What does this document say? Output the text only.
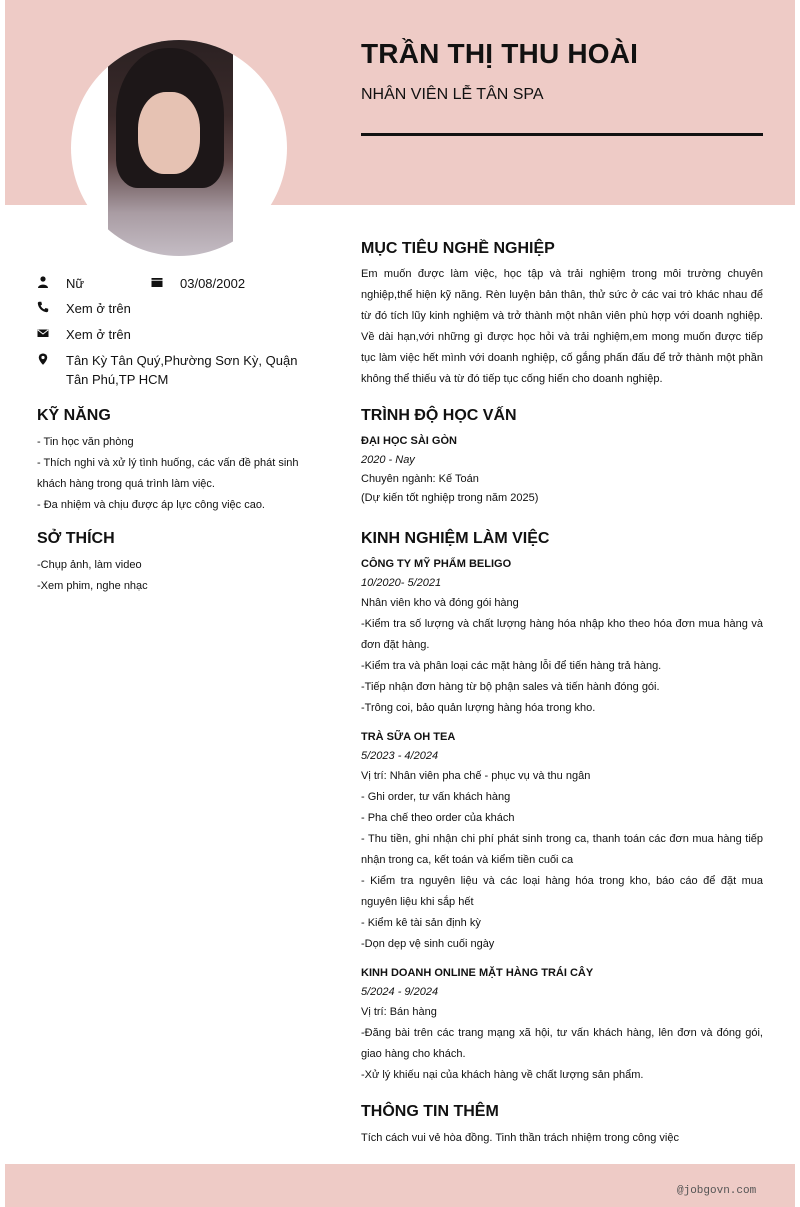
TRẦN THỊ THU HOÀI
NHÂN VIÊN LỄ TÂN SPA
Nữ	03/08/2002
Xem ở trên
Xem ở trên
Tân Kỳ Tân Quý,Phường Sơn Kỳ, Quận Tân Phú,TP HCM
KỸ NĂNG
- Tin học văn phòng
- Thích nghi và xử lý tình huống, các vấn đề phát sinh khách hàng trong quá trình làm việc.
- Đa nhiệm và chịu được áp lực công việc cao.
SỞ THÍCH
-Chụp ảnh, làm video
-Xem phim, nghe nhạc
MỤC TIÊU NGHỀ NGHIỆP

Em muốn được làm việc, học tập và trải nghiệm trong môi trường chuyên nghiệp,thể hiện kỹ năng. Rèn luyện bản thân, thử sức ở các vai trò khác nhau để từ đó tích lũy kinh nghiệm và trở thành một nhân viên phù hợp với doanh nghiệp. Về dài hạn,với những gì được học hỏi và trải nghiệm,em mong muốn được tiếp tục làm việc hết mình với doanh nghiệp, cố gắng phấn đấu để trở thành một phần không thể thiếu và từ đó tiếp tục cống hiến cho doanh nghiệp.

TRÌNH ĐỘ HỌC VẤN
ĐẠI HỌC SÀI GÒN
2020 - Nay
Chuyên ngành: Kế Toán
(Dự kiến tốt nghiệp trong năm 2025)
KINH NGHIỆM LÀM VIỆC
CÔNG TY MỸ PHẨM BELIGO
10/2020- 5/2021
Nhân viên kho và đóng gói hàng
-Kiểm tra số lượng và chất lượng hàng hóa nhập kho theo hóa đơn mua hàng và đơn đặt hàng.
-Kiểm tra và phân loại các mặt hàng lỗi để tiến hàng trả hàng.
-Tiếp nhận đơn hàng từ bộ phận sales và tiến hành đóng gói.
-Trông coi, bảo quản lượng hàng hóa trong kho.
TRÀ SỮA OH TEA
5/2023 - 4/2024
Vị trí: Nhân viên pha chế - phục vụ và thu ngân
- Ghi order, tư vấn khách hàng
- Pha chế theo order của khách
- Thu tiền, ghi nhận chi phí phát sinh trong ca, thanh toán các đơn mua hàng tiếp nhận trong ca, kết toán và kiểm tiền cuối ca
- Kiểm tra nguyên liệu và các loại hàng hóa trong kho, báo cáo để đặt mua nguyên liệu khi sắp hết
- Kiểm kê tài sản định kỳ
-Dọn dẹp vệ sinh cuối ngày
KINH DOANH ONLINE MẶT HÀNG TRÁI CÂY
5/2024 - 9/2024
Vị trí: Bán hàng
-Đăng bài trên các trang mạng xã hội, tư vấn khách hàng, lên đơn và đóng gói, giao hàng cho khách.
-Xử lý khiếu nại của khách hàng về chất lượng sản phẩm.
THÔNG TIN THÊM
Tích cách vui vẻ hòa đồng. Tinh thần trách nhiệm trong công việc
@jobgovn.com
